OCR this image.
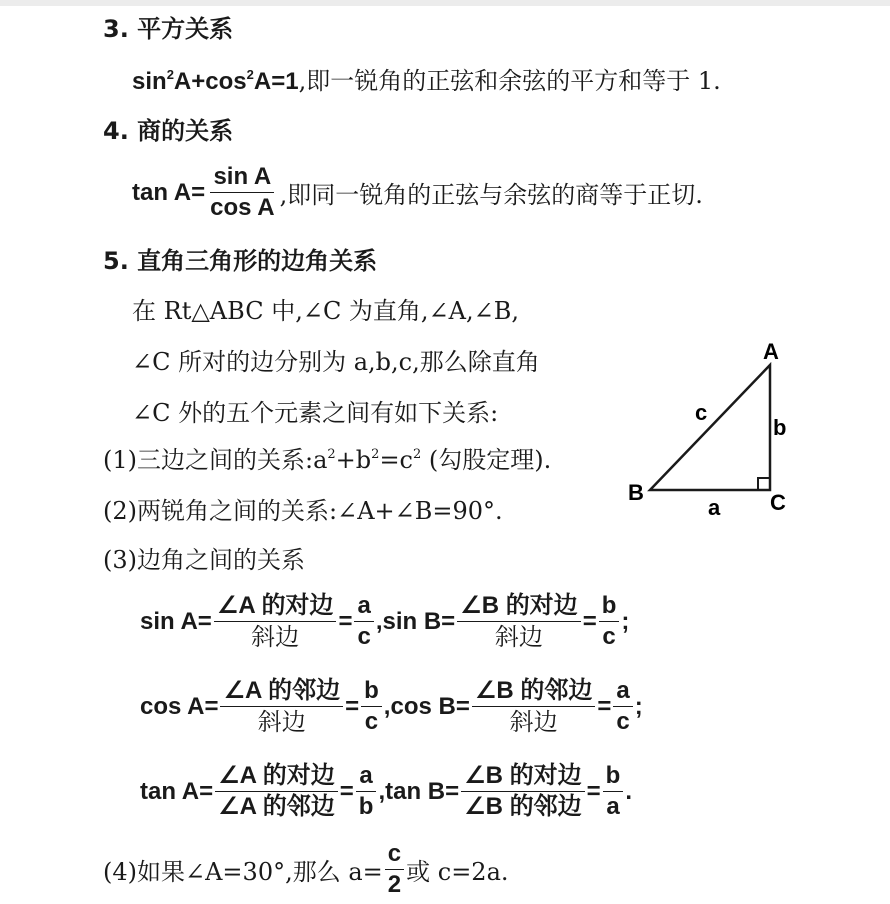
3. 平方关系
$\sin^2A+\cos^2A=1$,即一锐角的正弦和余弦的平方和等于 1.
4. 商的关系
$\tan A= \frac{\text{sin A}}{\text{cos A}}$ ,即同一锐角的正弦与余弦的商等于正切.
5. 直角三角形的边角关系
在 Rt△ABC 中,∠C 为直角,∠A,∠B,
∠C 所对的边分别为 a,b,c,那么除直角
∠C 外的五个元素之间有如下关系:
(1)三边之间的关系$:a^2+b^2=c^2$ (勾股定理).
(2)两锐角之间的关系:∠A+∠B=90°.
(3)边角之间的关系
A
B	C
a
b
c
$\sin A= \frac{\text{∠A 的对边}}{\text{斜边}} = \frac{a}{c} ,\sin$ $B= \frac{\text{∠B 的对边}}{\text{斜边}} = \frac{b}{c}$ ;
$\cos A= \frac{\text{∠A 的邻边}}{\text{斜边}} = \frac{b}{c} ,\cos$ $B= \frac{\text{∠B 的邻边}}{\text{斜边}} = \frac{a}{c}$ ;
$\tan A= \frac{\text{∠A 的对边}}{\text{∠A 的邻边}} = \frac{a}{b} ,\tan$ $B= \frac{\text{∠B 的对边}}{\text{∠B 的邻边}} = \frac{b}{a}$ .
(4)如果∠A=30°,那么 $a= \frac{c}{2}$ 或 c=2a.
